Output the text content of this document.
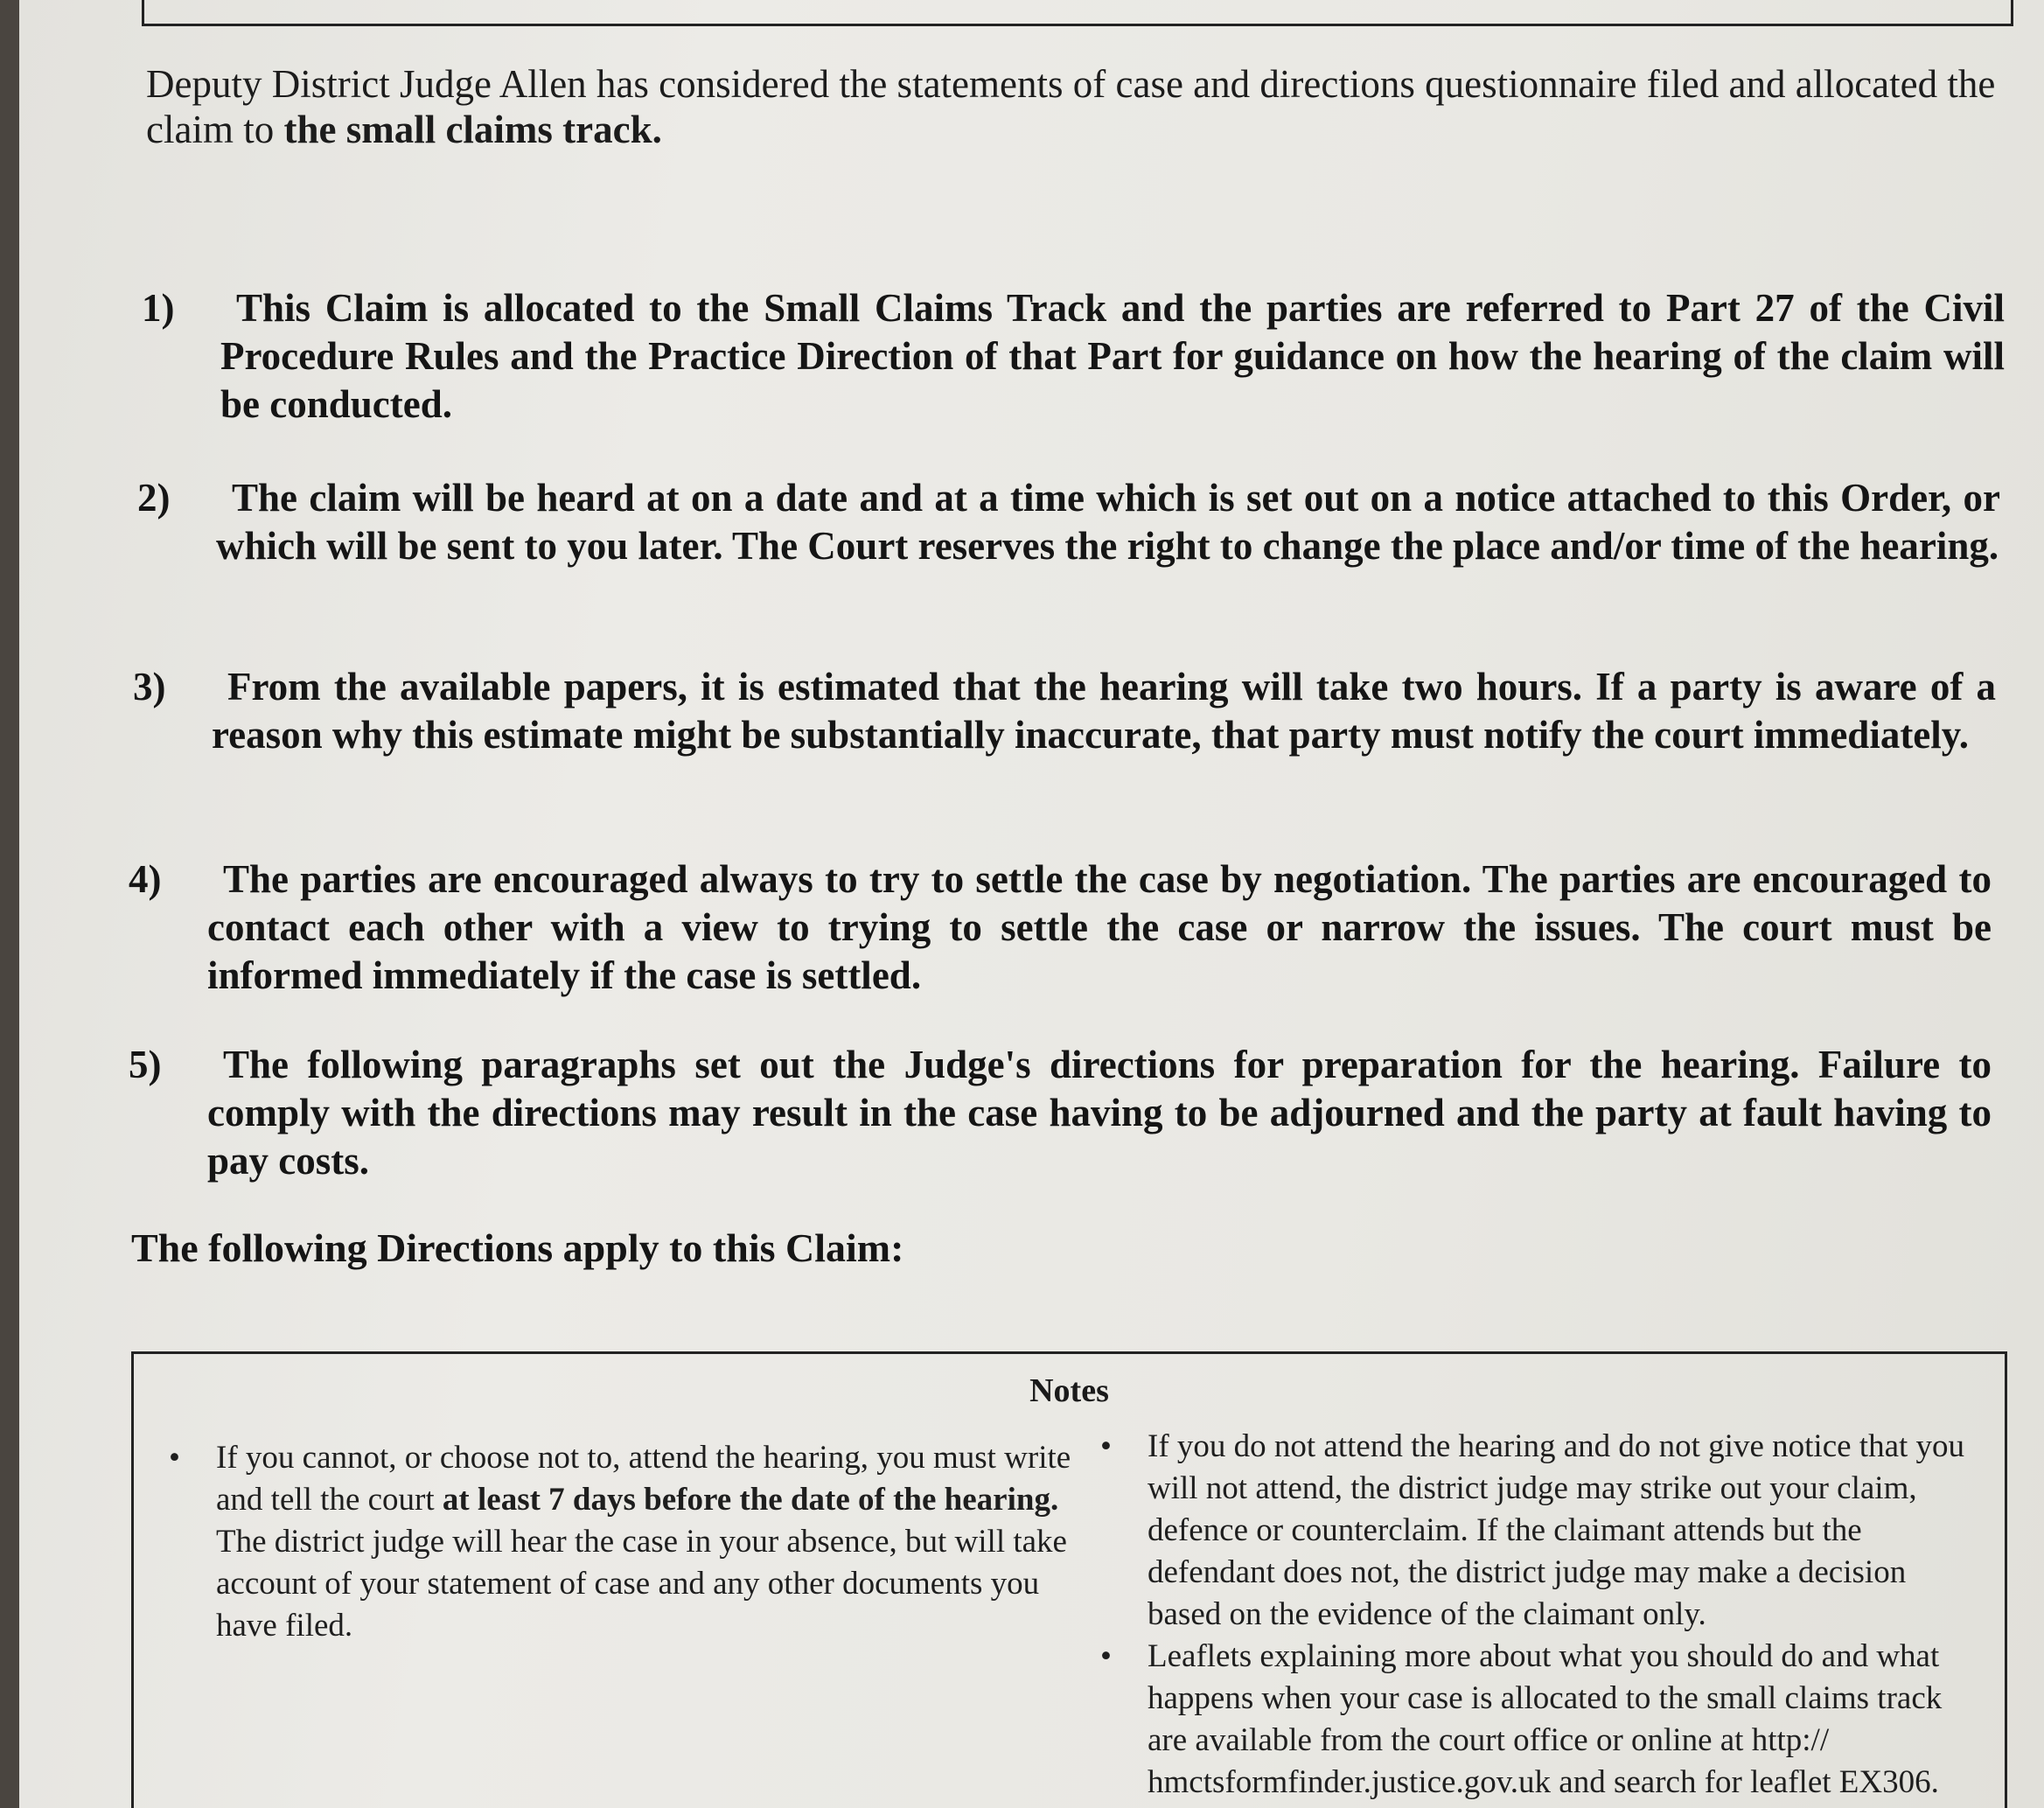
Deputy District Judge Allen has considered the statements of case and directions questionnaire filed and allocated the claim to the small claims track.
1)	This Claim is allocated to the Small Claims Track and the parties are referred to Part 27 of the Civil Procedure Rules and the Practice Direction of that Part for guidance on how the hearing of the claim will be conducted.
2)	The claim will be heard at on a date and at a time which is set out on a notice attached to this Order, or which will be sent to you later. The Court reserves the right to change the place and/or time of the hearing.
3)	From the available papers, it is estimated that the hearing will take two hours. If a party is aware of a reason why this estimate might be substantially inaccurate, that party must notify the court immediately.
4)	The parties are encouraged always to try to settle the case by negotiation. The parties are encouraged to contact each other with a view to trying to settle the case or narrow the issues. The court must be informed immediately if the case is settled.
5)	The following paragraphs set out the Judge's directions for preparation for the hearing. Failure to comply with the directions may result in the case having to be adjourned and the party at fault having to pay costs.
The following Directions apply to this Claim:
Notes
• If you cannot, or choose not to, attend the hearing, you must write and tell the court at least 7 days before the date of the hearing. The district judge will hear the case in your absence, but will take account of your statement of case and any other documents you have filed.
• If you do not attend the hearing and do not give notice that you will not attend, the district judge may strike out your claim, defence or counterclaim. If the claimant attends but the defendant does not, the district judge may make a decision based on the evidence of the claimant only.
• Leaflets explaining more about what you should do and what happens when your case is allocated to the small claims track are available from the court office or online at http:// hmctsformfinder.justice.gov.uk and search for leaflet EX306.
